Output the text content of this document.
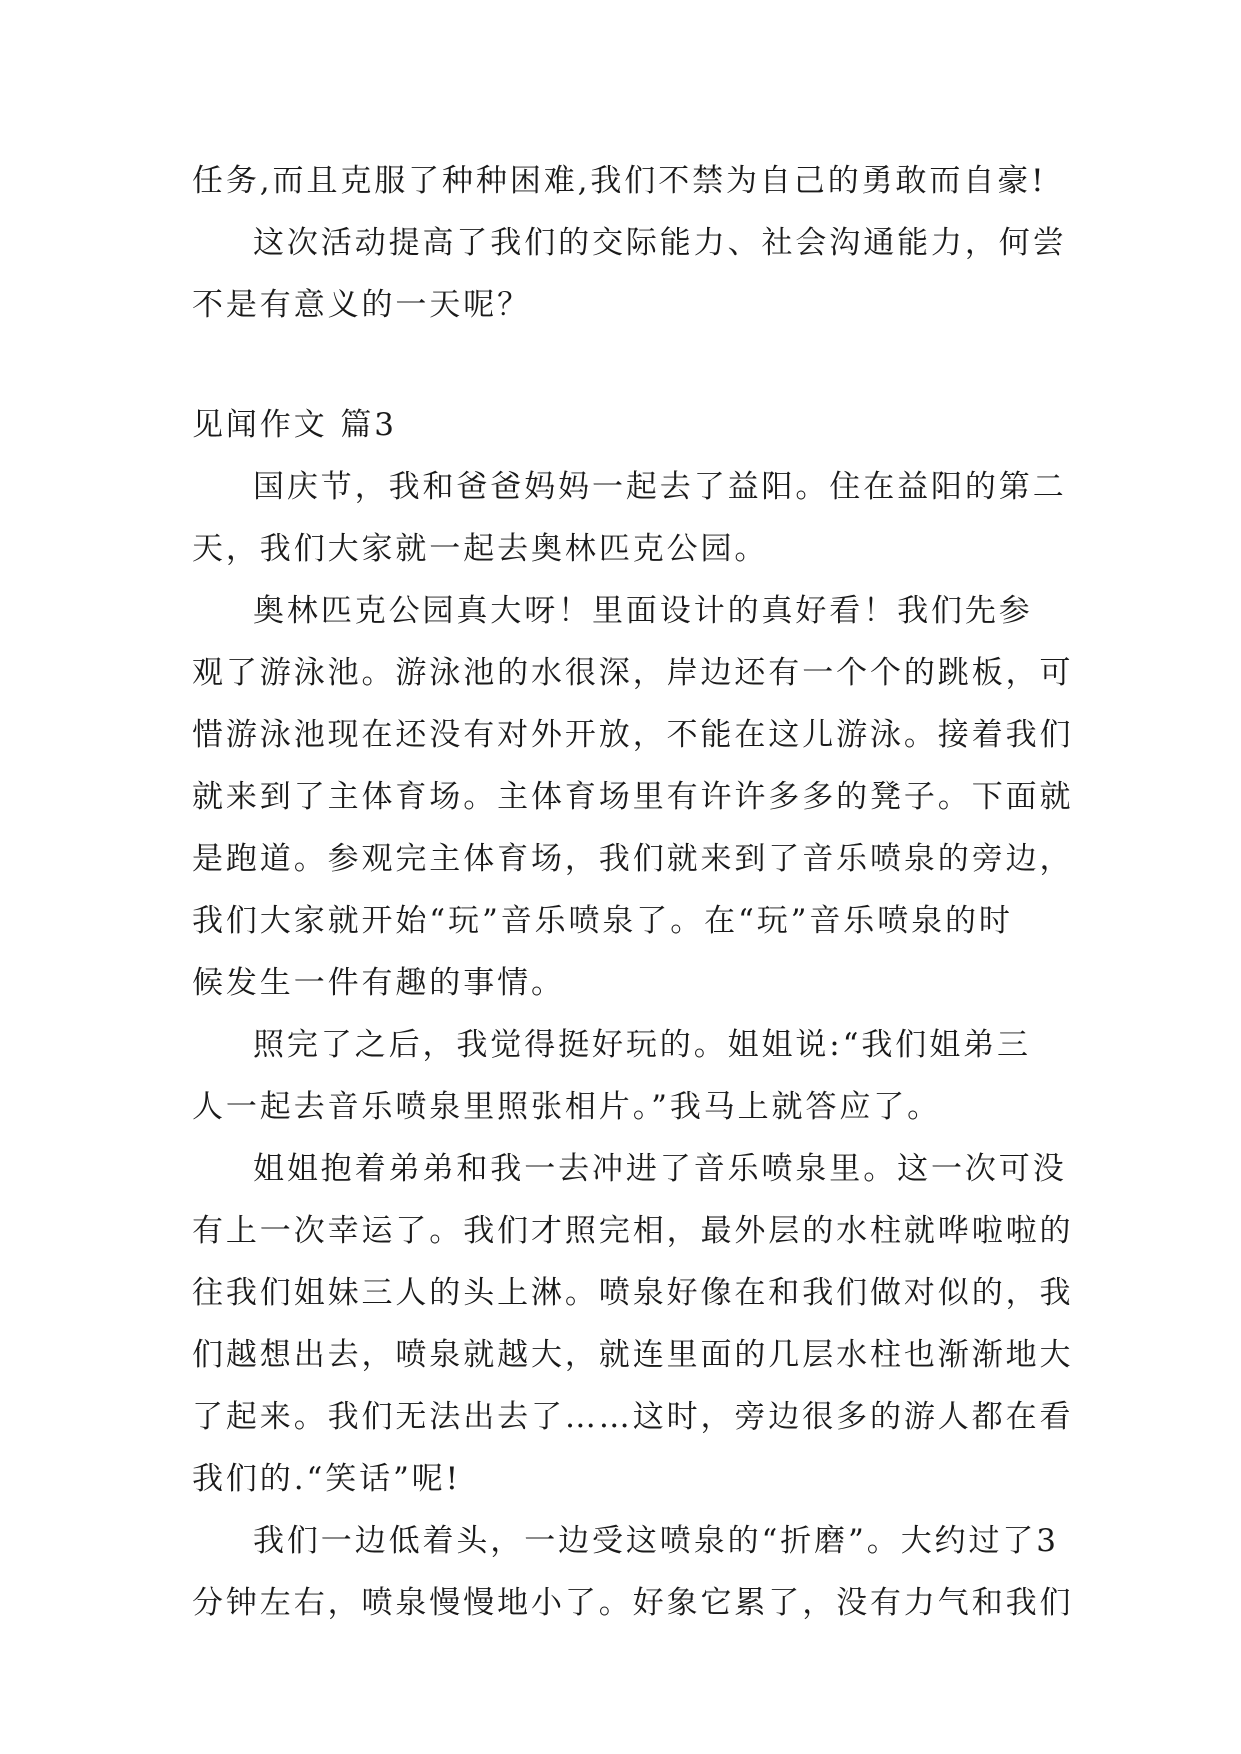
任务,而且克服了种种困难,我们不禁为自己的勇敢而自豪!
这次活动提高了我们的交际能力、社会沟通能力，何尝
不是有意义的一天呢？
见闻作文 篇3
国庆节，我和爸爸妈妈一起去了益阳。住在益阳的第二
天，我们大家就一起去奥林匹克公园。
奥林匹克公园真大呀！里面设计的真好看！我们先参
观了游泳池。游泳池的水很深，岸边还有一个个的跳板，可
惜游泳池现在还没有对外开放，不能在这儿游泳。接着我们
就来到了主体育场。主体育场里有许许多多的凳子。下面就
是跑道。参观完主体育场，我们就来到了音乐喷泉的旁边，
我们大家就开始“玩”音乐喷泉了。在“玩”音乐喷泉的时
候发生一件有趣的事情。
照完了之后，我觉得挺好玩的。姐姐说:“我们姐弟三
人一起去音乐喷泉里照张相片。”我马上就答应了。
姐姐抱着弟弟和我一去冲进了音乐喷泉里。这一次可没
有上一次幸运了。我们才照完相，最外层的水柱就哗啦啦的
往我们姐妹三人的头上淋。喷泉好像在和我们做对似的，我
们越想出去，喷泉就越大，就连里面的几层水柱也渐渐地大
了起来。我们无法出去了……这时，旁边很多的游人都在看
我们的.“笑话”呢!
我们一边低着头，一边受这喷泉的“折磨”。大约过了3
分钟左右，喷泉慢慢地小了。好象它累了，没有力气和我们
